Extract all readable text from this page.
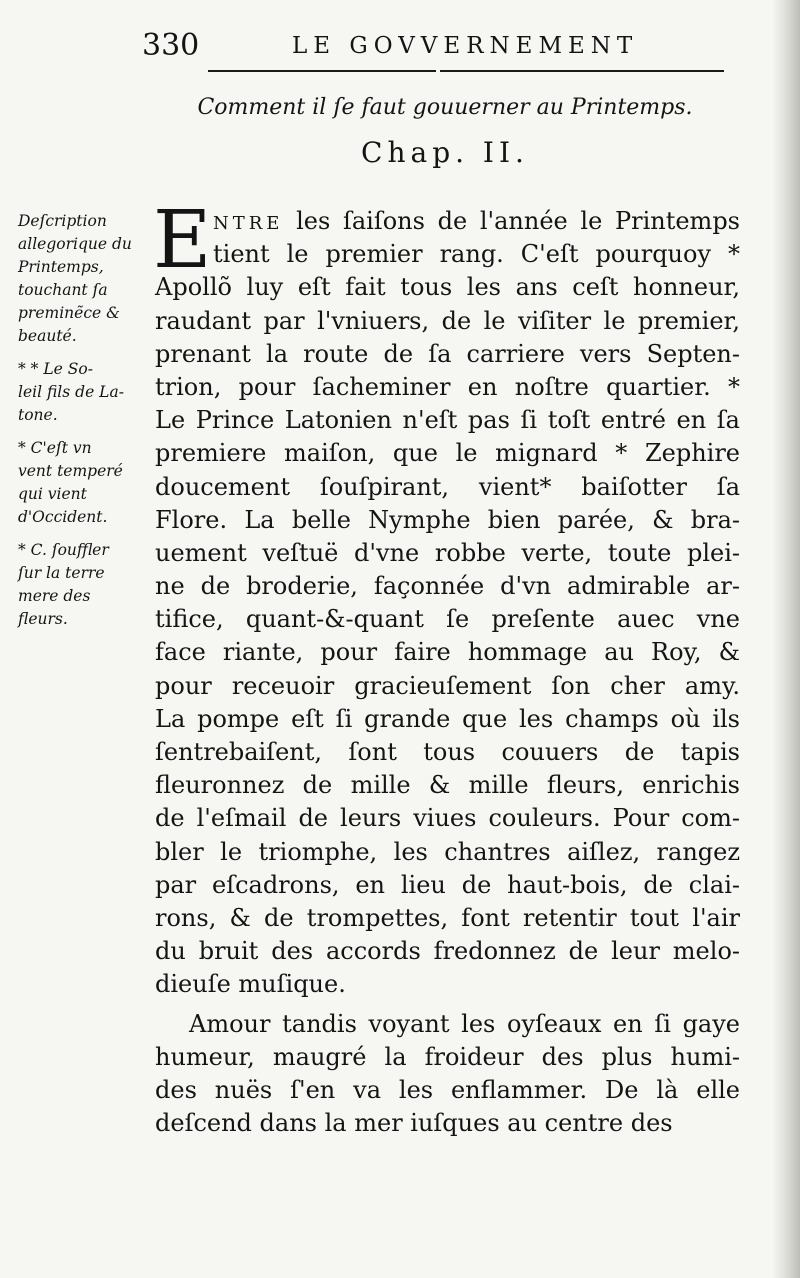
330	LE GOVVERNEMENT
Comment il ſe faut gouuerner au Printemps.
Chap. II.
Deſcription
allegorique du
Printemps,
touchant ſa
preminẽce &
beauté.
* * Le So-
leil fils de La-
tone.
* C'eſt vn
vent temperé
qui vient
d'Occident.
* C. ſouffler
ſur la terre
mere des
fleurs.
E NTRE les ſaiſons de l'année le Printemps
tient le premier rang. C'eſt pourquoy *
Apollõ luy eſt fait tous les ans ceſt honneur,
raudant par l'vniuers, de le viſiter le premier,
prenant la route de ſa carriere vers Septen-
trion, pour ſacheminer en noſtre quartier. *
Le Prince Latonien n'eſt pas ſi toſt entré en ſa
premiere maiſon, que le mignard * Zephire
doucement ſouſpirant, vient* baiſotter ſa
Flore. La belle Nymphe bien parée, & bra-
uement veſtuë d'vne robbe verte, toute plei-
ne de broderie, façonnée d'vn admirable ar-
tifice, quant-&-quant ſe preſente auec vne
face riante, pour faire hommage au Roy, &
pour receuoir gracieuſement ſon cher amy.
La pompe eſt ſi grande que les champs où ils
ſentrebaiſent, ſont tous couuers de tapis
fleuronnez de mille & mille fleurs, enrichis
de l'eſmail de leurs viues couleurs. Pour com-
bler le triomphe, les chantres aiſlez, rangez
par eſcadrons, en lieu de haut-bois, de clai-
rons, & de trompettes, font retentir tout l'air
du bruit des accords fredonnez de leur melo-
dieuſe muſique.
Amour tandis voyant les oyſeaux en ſi gaye
humeur, maugré la froideur des plus humi-
des nuës ſ'en va les enflammer. De là elle
deſcend dans la mer iuſques au centre des
